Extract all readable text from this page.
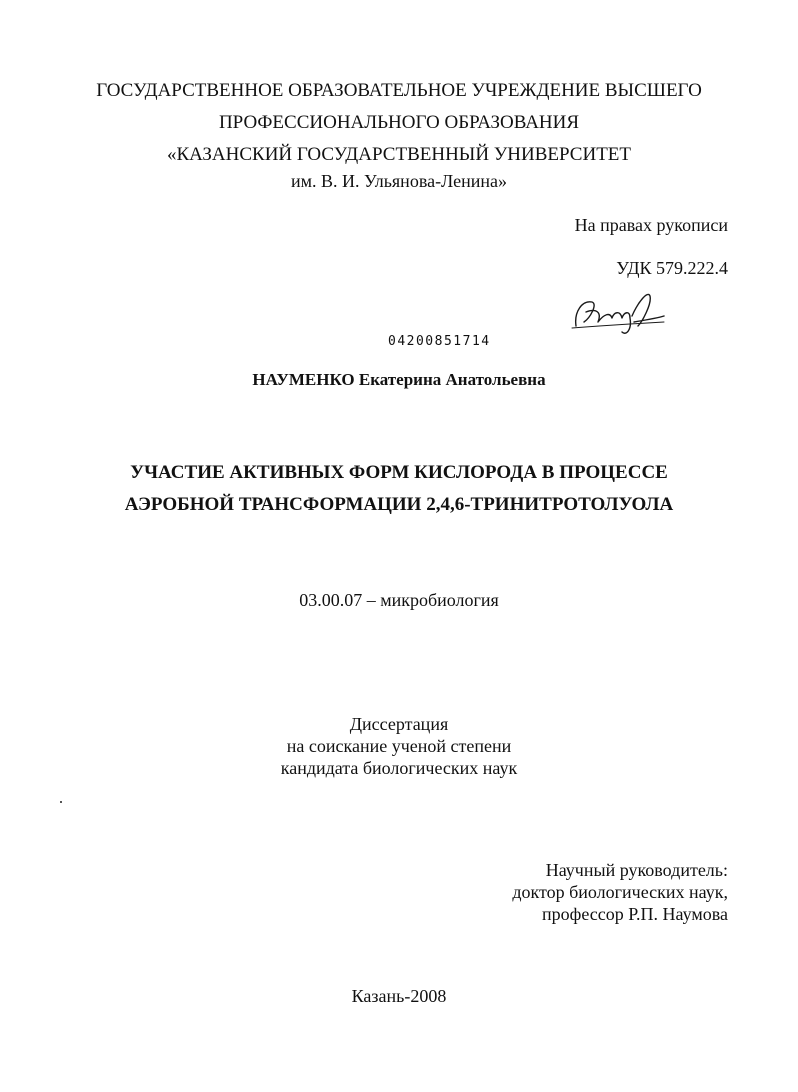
ГОСУДАРСТВЕННОЕ ОБРАЗОВАТЕЛЬНОЕ УЧРЕЖДЕНИЕ ВЫСШЕГО
ПРОФЕССИОНАЛЬНОГО ОБРАЗОВАНИЯ
«КАЗАНСКИЙ ГОСУДАРСТВЕННЫЙ УНИВЕРСИТЕТ
им. В. И. Ульянова-Ленина»
На правах рукописи
УДК 579.222.4
04200851714
НАУМЕНКО Екатерина Анатольевна
УЧАСТИЕ АКТИВНЫХ ФОРМ КИСЛОРОДА В ПРОЦЕССЕ
АЭРОБНОЙ ТРАНСФОРМАЦИИ 2,4,6-ТРИНИТРОТОЛУОЛА
03.00.07 – микробиология
Диссертация
на соискание ученой степени
кандидата биологических наук
Научный руководитель:
доктор биологических наук,
профессор Р.П. Наумова
Казань-2008
